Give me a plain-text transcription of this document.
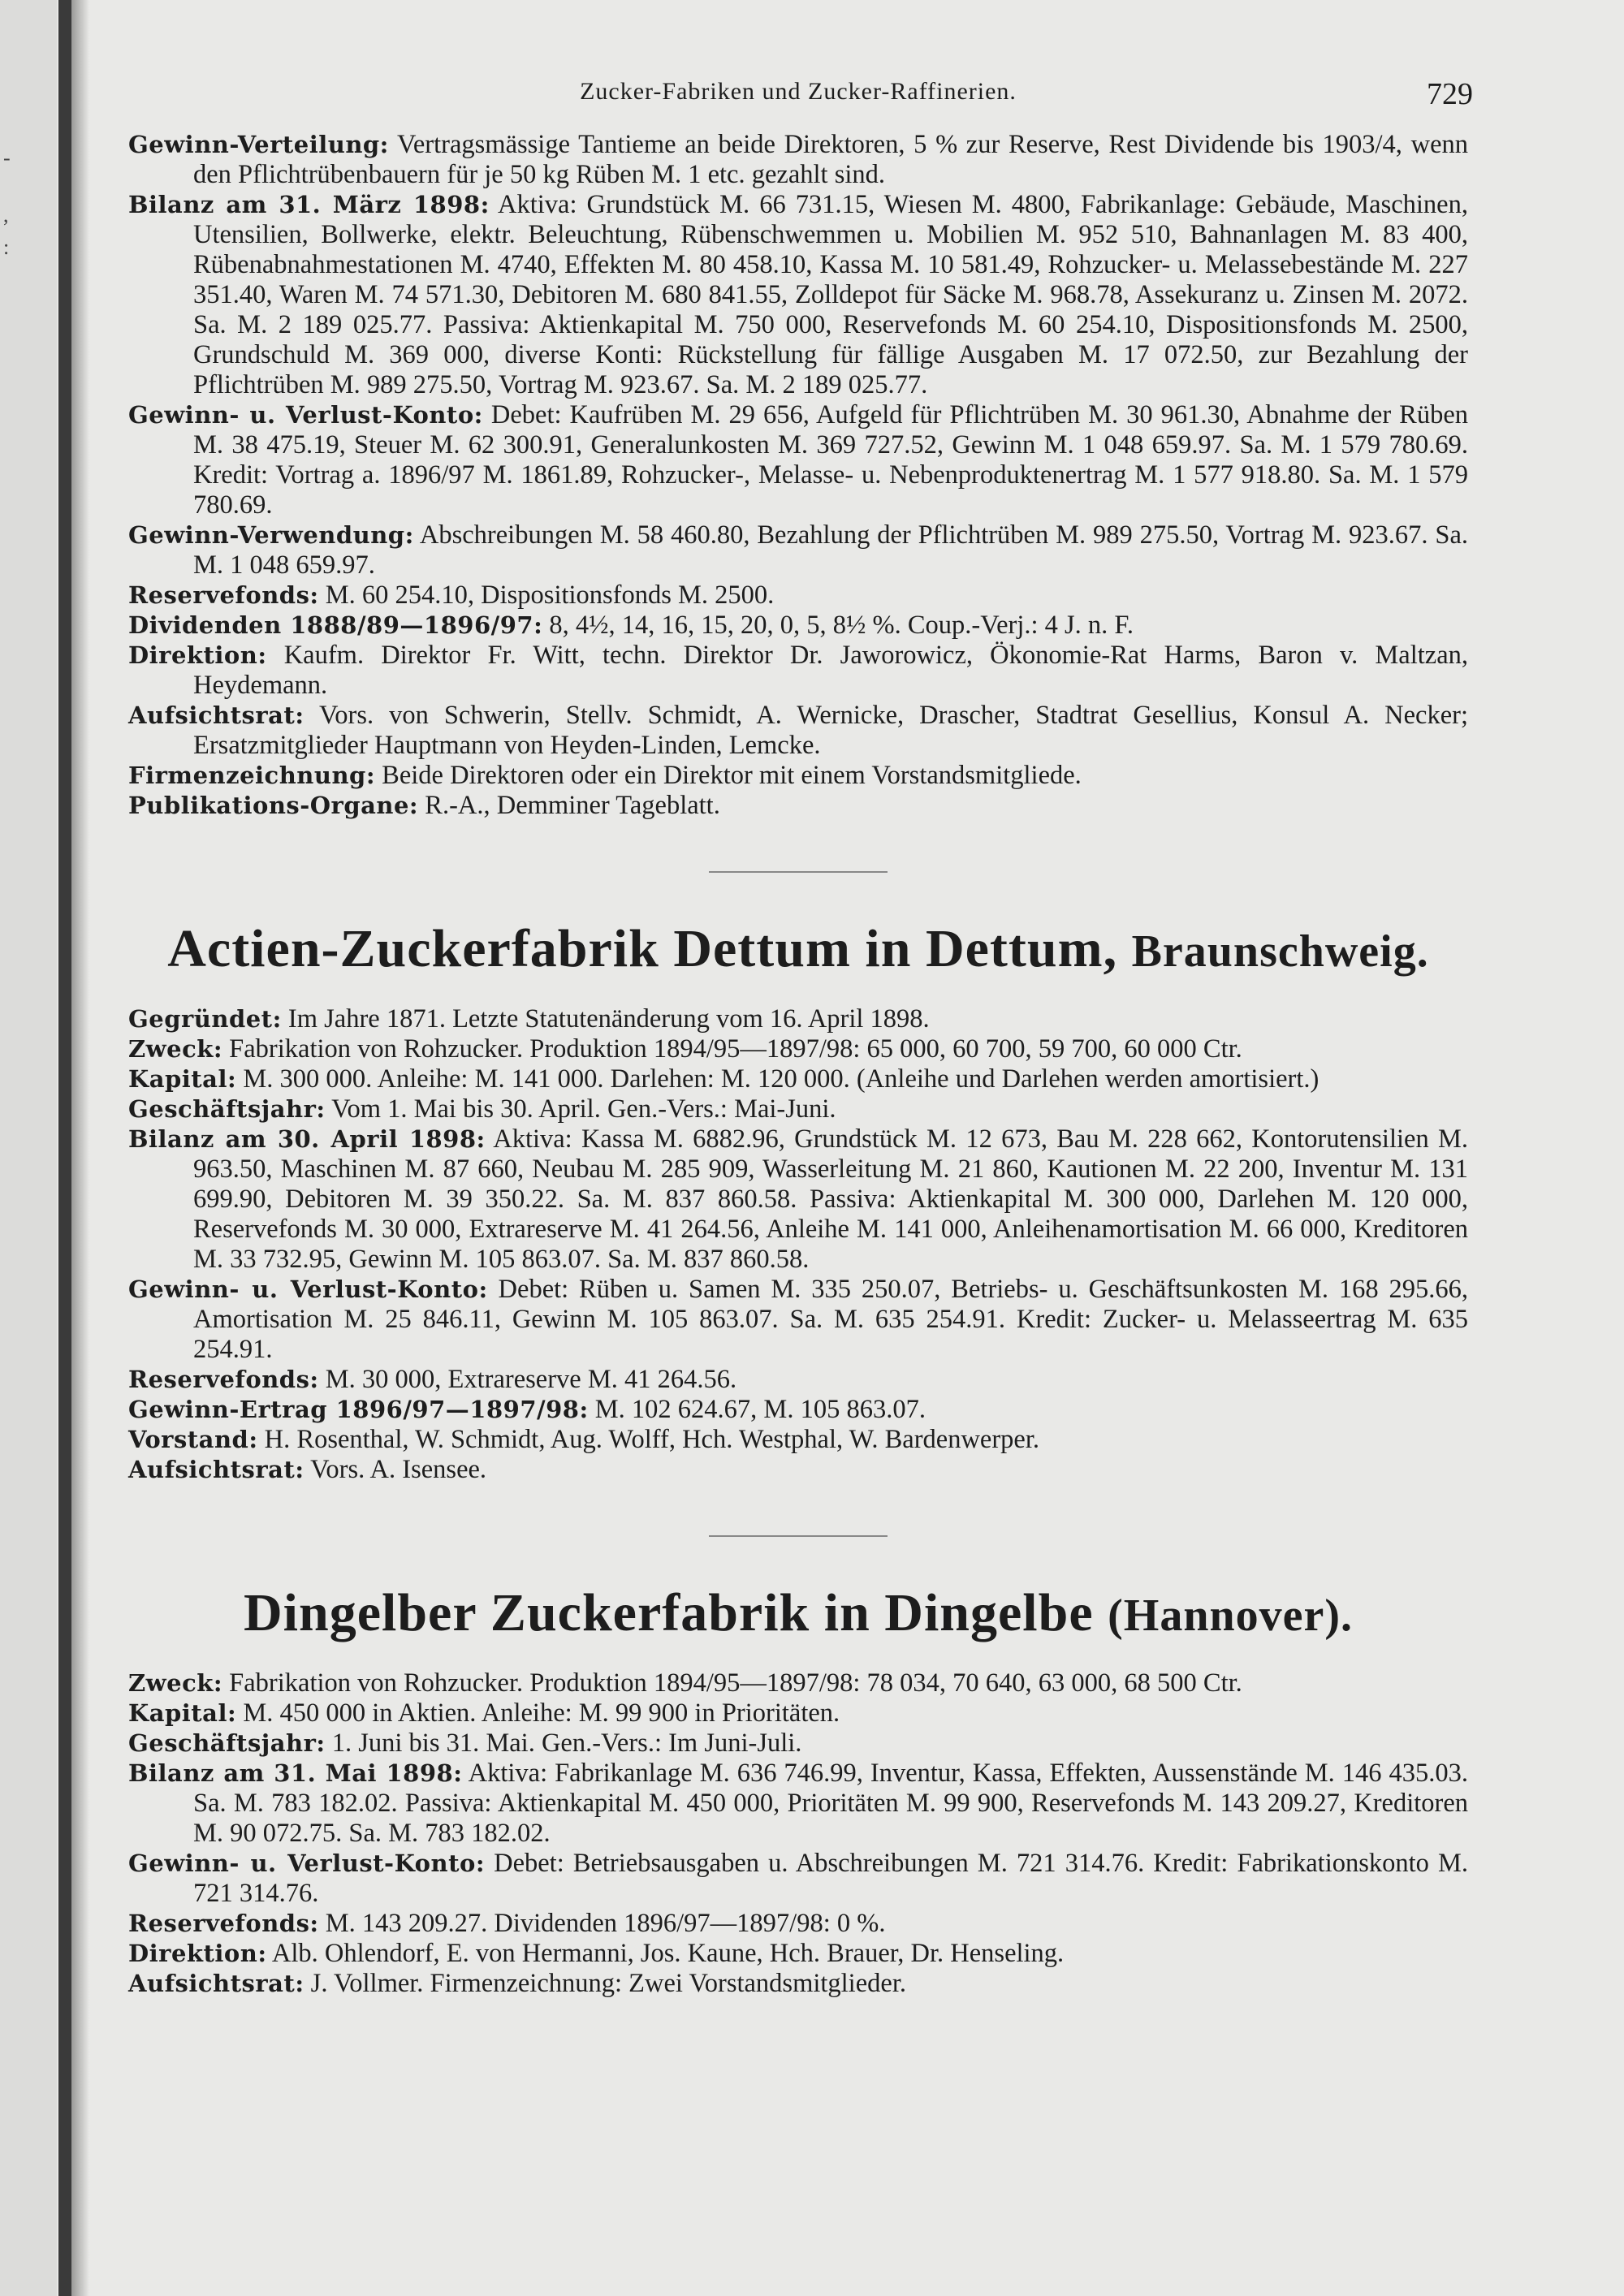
-
,
:
Zucker-Fabriken und Zucker-Raffinerien.	729

Gewinn-Verteilung: Vertragsmässige Tantieme an beide Direktoren, 5 % zur Reserve, Rest Dividende bis 1903/4, wenn den Pflichtrübenbauern für je 50 kg Rüben M. 1 etc. gezahlt sind.

Bilanz am 31. März 1898: Aktiva: Grundstück M. 66 731.15, Wiesen M. 4800, Fabrikanlage: Gebäude, Maschinen, Utensilien, Bollwerke, elektr. Beleuchtung, Rübenschwemmen u. Mobilien M. 952 510, Bahnanlagen M. 83 400, Rübenabnahmestationen M. 4740, Effekten M. 80 458.10, Kassa M. 10 581.49, Rohzucker- u. Melassebestände M. 227 351.40, Waren M. 74 571.30, Debitoren M. 680 841.55, Zolldepot für Säcke M. 968.78, Assekuranz u. Zinsen M. 2072. Sa. M. 2 189 025.77. Passiva: Aktienkapital M. 750 000, Reservefonds M. 60 254.10, Dispositionsfonds M. 2500, Grundschuld M. 369 000, diverse Konti: Rückstellung für fällige Ausgaben M. 17 072.50, zur Bezahlung der Pflichtrüben M. 989 275.50, Vortrag M. 923.67. Sa. M. 2 189 025.77.

Gewinn- u. Verlust-Konto: Debet: Kaufrüben M. 29 656, Aufgeld für Pflichtrüben M. 30 961.30, Abnahme der Rüben M. 38 475.19, Steuer M. 62 300.91, Generalunkosten M. 369 727.52, Gewinn M. 1 048 659.97. Sa. M. 1 579 780.69. Kredit: Vortrag a. 1896/97 M. 1861.89, Rohzucker-, Melasse- u. Nebenproduktenertrag M. 1 577 918.80. Sa. M. 1 579 780.69.

Gewinn-Verwendung: Abschreibungen M. 58 460.80, Bezahlung der Pflichtrüben M. 989 275.50, Vortrag M. 923.67. Sa. M. 1 048 659.97.

Reservefonds: M. 60 254.10, Dispositionsfonds M. 2500.

Dividenden 1888/89—1896/97: 8, 4½, 14, 16, 15, 20, 0, 5, 8½ %. Coup.-Verj.: 4 J. n. F.

Direktion: Kaufm. Direktor Fr. Witt, techn. Direktor Dr. Jaworowicz, Ökonomie-Rat Harms, Baron v. Maltzan, Heydemann.

Aufsichtsrat: Vors. von Schwerin, Stellv. Schmidt, A. Wernicke, Drascher, Stadtrat Gesellius, Konsul A. Necker; Ersatzmitglieder Hauptmann von Heyden-Linden, Lemcke.

Firmenzeichnung: Beide Direktoren oder ein Direktor mit einem Vorstandsmitgliede.

Publikations-Organe: R.-A., Demminer Tageblatt.

Actien-Zuckerfabrik Dettum in Dettum, Braunschweig.

Gegründet: Im Jahre 1871. Letzte Statutenänderung vom 16. April 1898.

Zweck: Fabrikation von Rohzucker. Produktion 1894/95—1897/98: 65 000, 60 700, 59 700, 60 000 Ctr.

Kapital: M. 300 000. Anleihe: M. 141 000. Darlehen: M. 120 000. (Anleihe und Darlehen werden amortisiert.)

Geschäftsjahr: Vom 1. Mai bis 30. April. Gen.-Vers.: Mai-Juni.

Bilanz am 30. April 1898: Aktiva: Kassa M. 6882.96, Grundstück M. 12 673, Bau M. 228 662, Kontorutensilien M. 963.50, Maschinen M. 87 660, Neubau M. 285 909, Wasserleitung M. 21 860, Kautionen M. 22 200, Inventur M. 131 699.90, Debitoren M. 39 350.22. Sa. M. 837 860.58. Passiva: Aktienkapital M. 300 000, Darlehen M. 120 000, Reservefonds M. 30 000, Extrareserve M. 41 264.56, Anleihe M. 141 000, Anleihenamortisation M. 66 000, Kreditoren M. 33 732.95, Gewinn M. 105 863.07. Sa. M. 837 860.58.

Gewinn- u. Verlust-Konto: Debet: Rüben u. Samen M. 335 250.07, Betriebs- u. Geschäftsunkosten M. 168 295.66, Amortisation M. 25 846.11, Gewinn M. 105 863.07. Sa. M. 635 254.91. Kredit: Zucker- u. Melasseertrag M. 635 254.91.

Reservefonds: M. 30 000, Extrareserve M. 41 264.56.

Gewinn-Ertrag 1896/97—1897/98: M. 102 624.67, M. 105 863.07.

Vorstand: H. Rosenthal, W. Schmidt, Aug. Wolff, Hch. Westphal, W. Bardenwerper.

Aufsichtsrat: Vors. A. Isensee.

Dingelber Zuckerfabrik in Dingelbe (Hannover).

Zweck: Fabrikation von Rohzucker. Produktion 1894/95—1897/98: 78 034, 70 640, 63 000, 68 500 Ctr.

Kapital: M. 450 000 in Aktien. Anleihe: M. 99 900 in Prioritäten.

Geschäftsjahr: 1. Juni bis 31. Mai. Gen.-Vers.: Im Juni-Juli.

Bilanz am 31. Mai 1898: Aktiva: Fabrikanlage M. 636 746.99, Inventur, Kassa, Effekten, Aussenstände M. 146 435.03. Sa. M. 783 182.02. Passiva: Aktienkapital M. 450 000, Prioritäten M. 99 900, Reservefonds M. 143 209.27, Kreditoren M. 90 072.75. Sa. M. 783 182.02.

Gewinn- u. Verlust-Konto: Debet: Betriebsausgaben u. Abschreibungen M. 721 314.76. Kredit: Fabrikationskonto M. 721 314.76.

Reservefonds: M. 143 209.27. Dividenden 1896/97—1897/98: 0 %.

Direktion: Alb. Ohlendorf, E. von Hermanni, Jos. Kaune, Hch. Brauer, Dr. Henseling.

Aufsichtsrat: J. Vollmer. Firmenzeichnung: Zwei Vorstandsmitglieder.
